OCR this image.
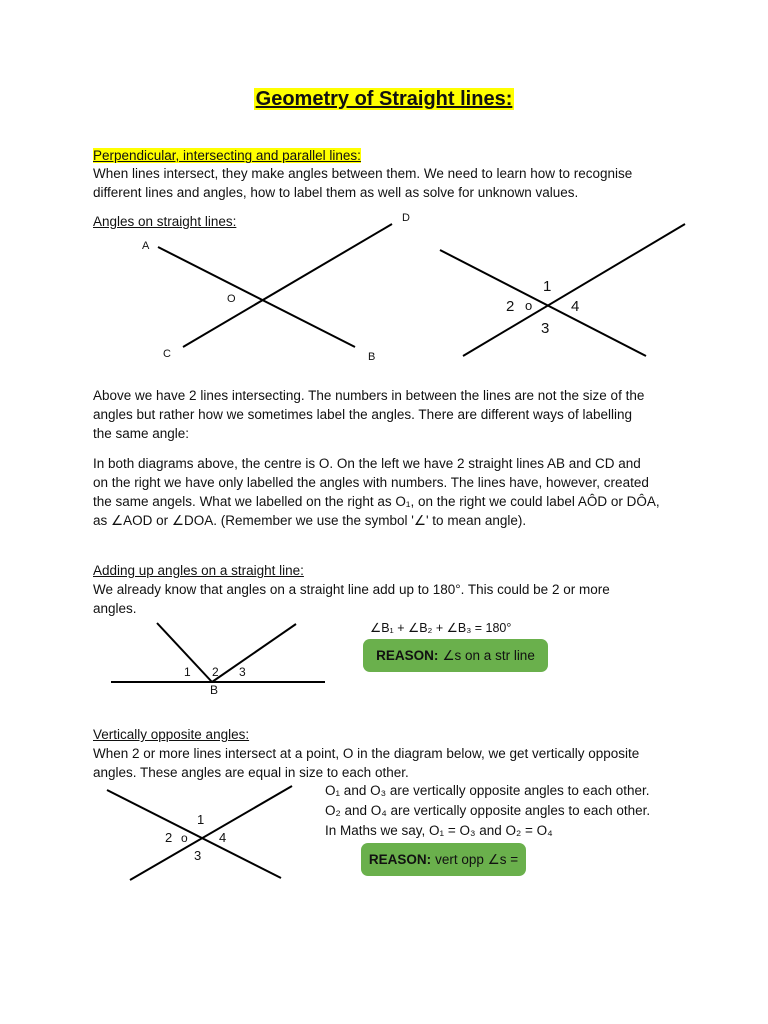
Geometry of Straight lines:
Perpendicular, intersecting and parallel lines:
When lines intersect, they make angles between them. We need to learn how to recognise
different lines and angles, how to label them as well as solve for unknown values.
Angles on straight lines:
A
D
O
C	B
1
2 o	4
3
Above we have 2 lines intersecting. The numbers in between the lines are not the size of the
angles but rather how we sometimes label the angles. There are different ways of labelling
the same angle:
In both diagrams above, the centre is O. On the left we have 2 straight lines AB and CD and
on the right we have only labelled the angles with numbers. The lines have, however, created
the same angels. What we labelled on the right as O₁, on the right we could label AÔD or DÔA,
as ∠AOD or ∠DOA. (Remember we use the symbol '∠' to mean angle).
Adding up angles on a straight line:
We already know that angles on a straight line add up to 180°. This could be 2 or more
angles.
1 2 3
B
∠B₁ + ∠B₂ + ∠B₃ = 180°
REASON: ∠s on a str line
Vertically opposite angles:
When 2 or more lines intersect at a point, O in the diagram below, we get vertically opposite
angles. These angles are equal in size to each other.
1
2 o 4
3
O₁ and O₃ are vertically opposite angles to each other.
O₂ and O₄ are vertically opposite angles to each other.
In Maths we say, O₁ = O₃ and O₂ = O₄
REASON: vert opp ∠s =
